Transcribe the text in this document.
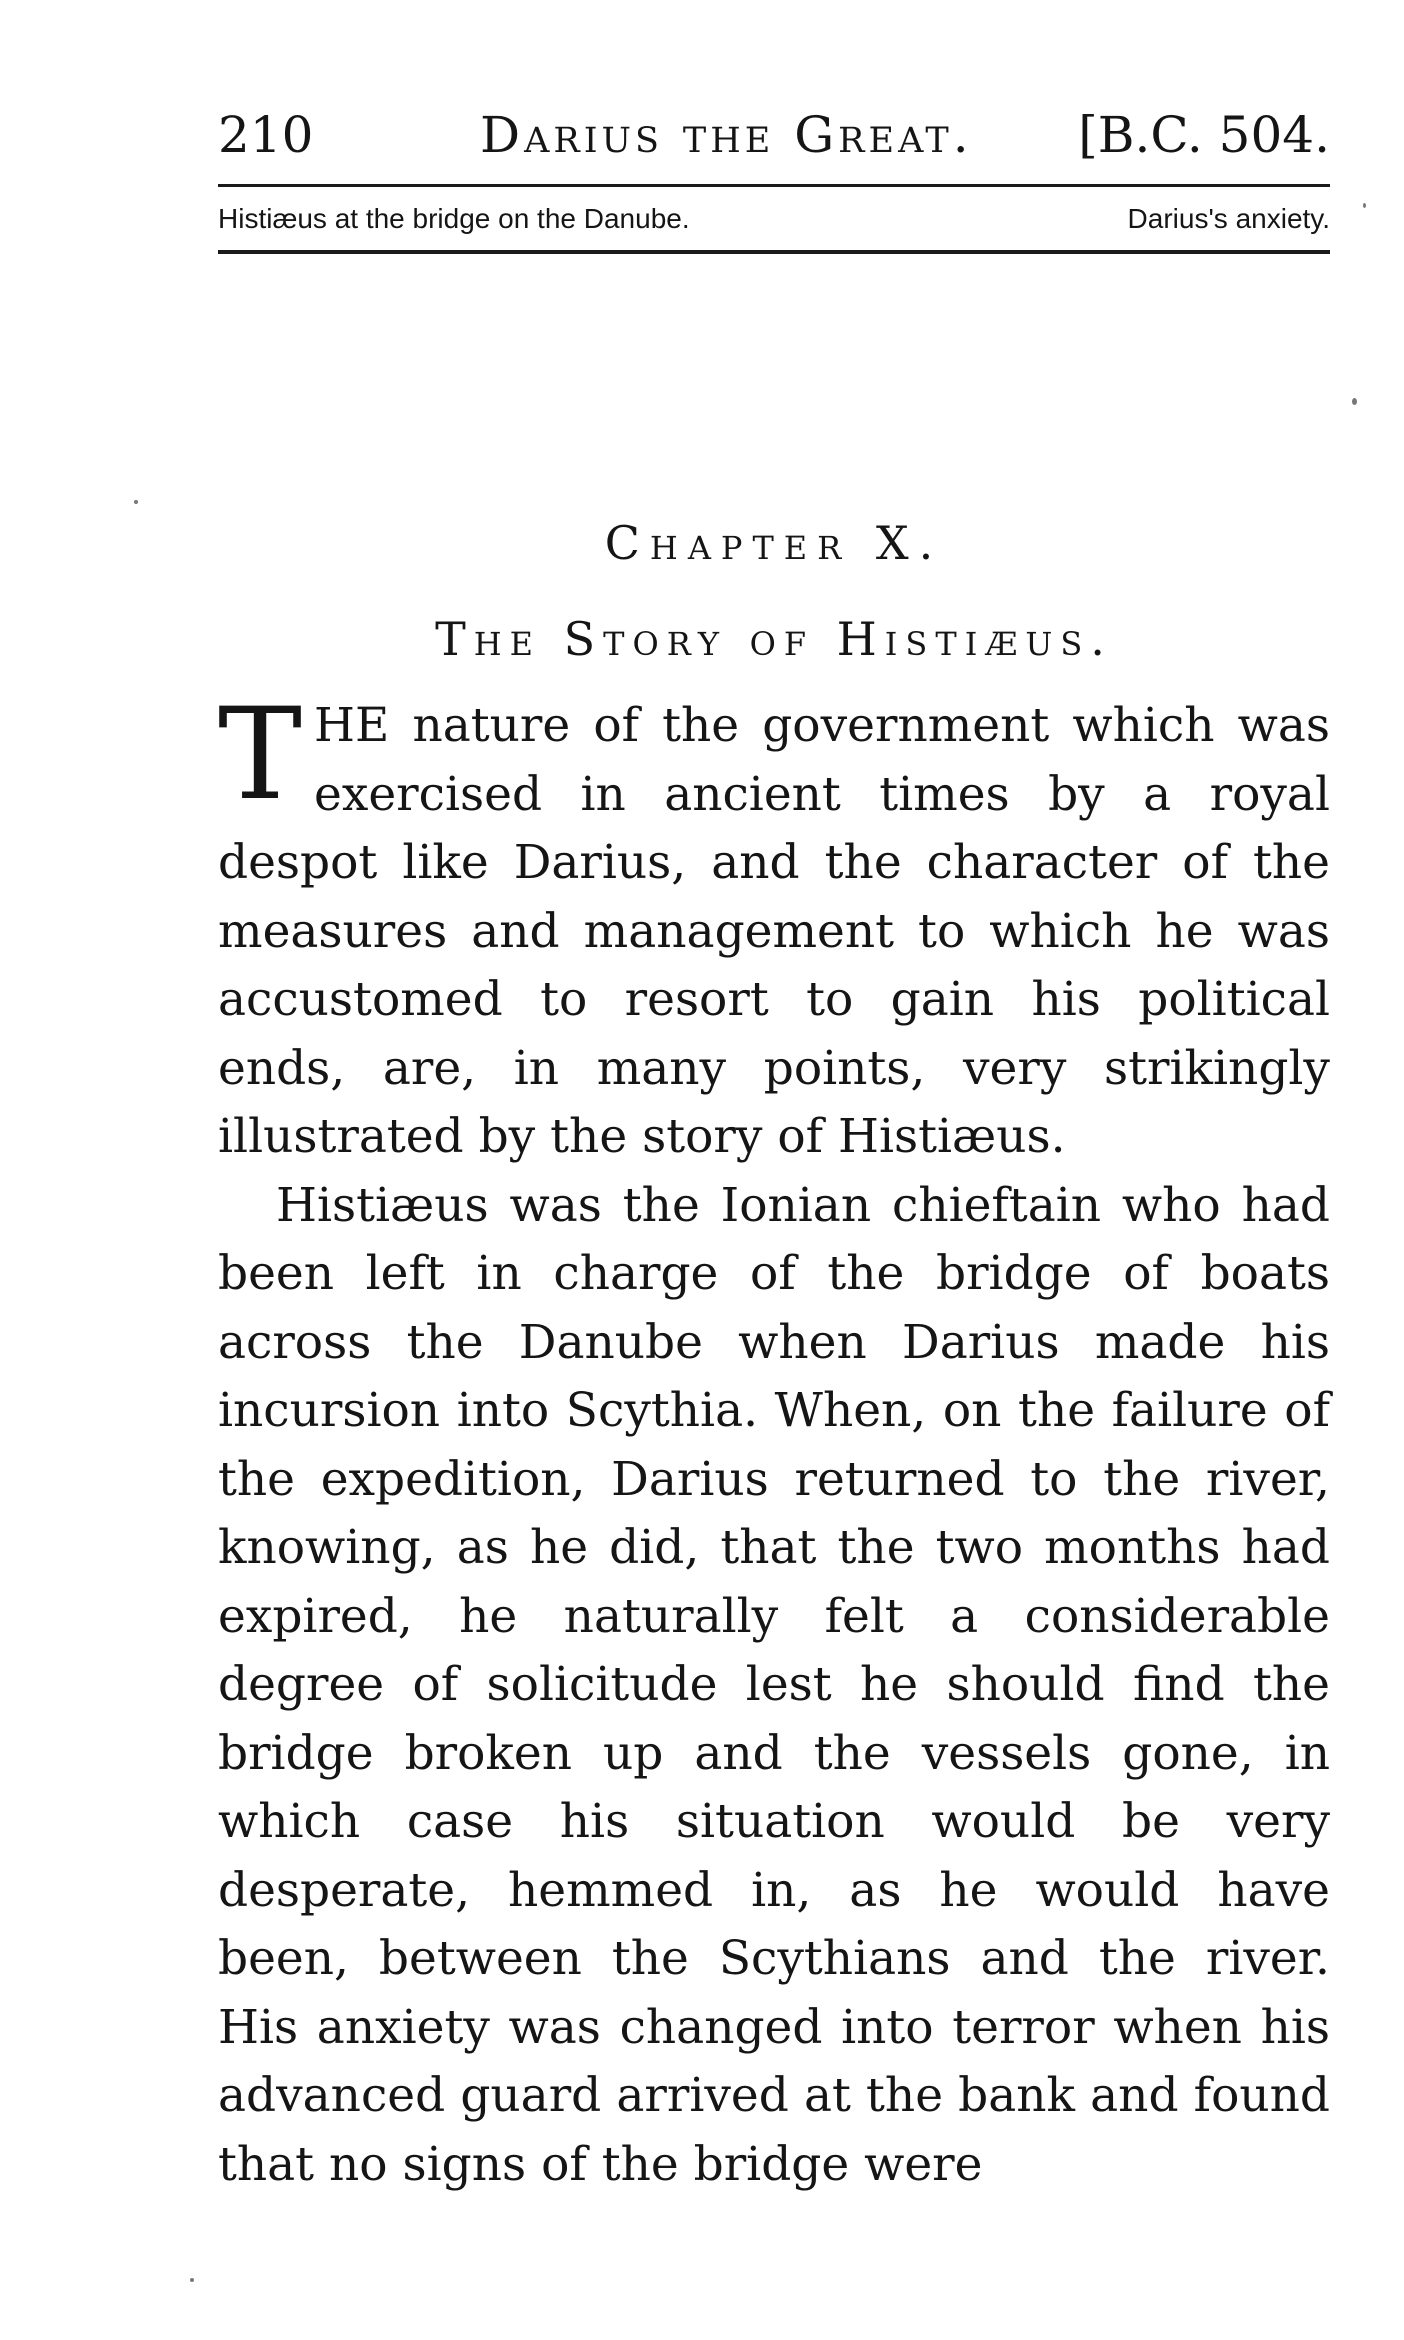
210	Darius the Great. [B.C. 504.
Histiæus at the bridge on the Danube.	Darius's anxiety.
Chapter X.
The Story of Histiæus.

THE nature of the government which was exercised in ancient times by a royal despot like Darius, and the character of the measures and management to which he was accustomed to resort to gain his political ends, are, in many points, very strikingly illustrated by the story of Histiæus.

Histiæus was the Ionian chieftain who had been left in charge of the bridge of boats across the Danube when Darius made his incursion into Scythia. When, on the failure of the expedition, Darius returned to the river, knowing, as he did, that the two months had expired, he naturally felt a considerable degree of solicitude lest he should find the bridge broken up and the vessels gone, in which case his situation would be very desperate, hemmed in, as he would have been, between the Scythians and the river. His anxiety was changed into terror when his advanced guard arrived at the bank and found that no signs of the bridge were
